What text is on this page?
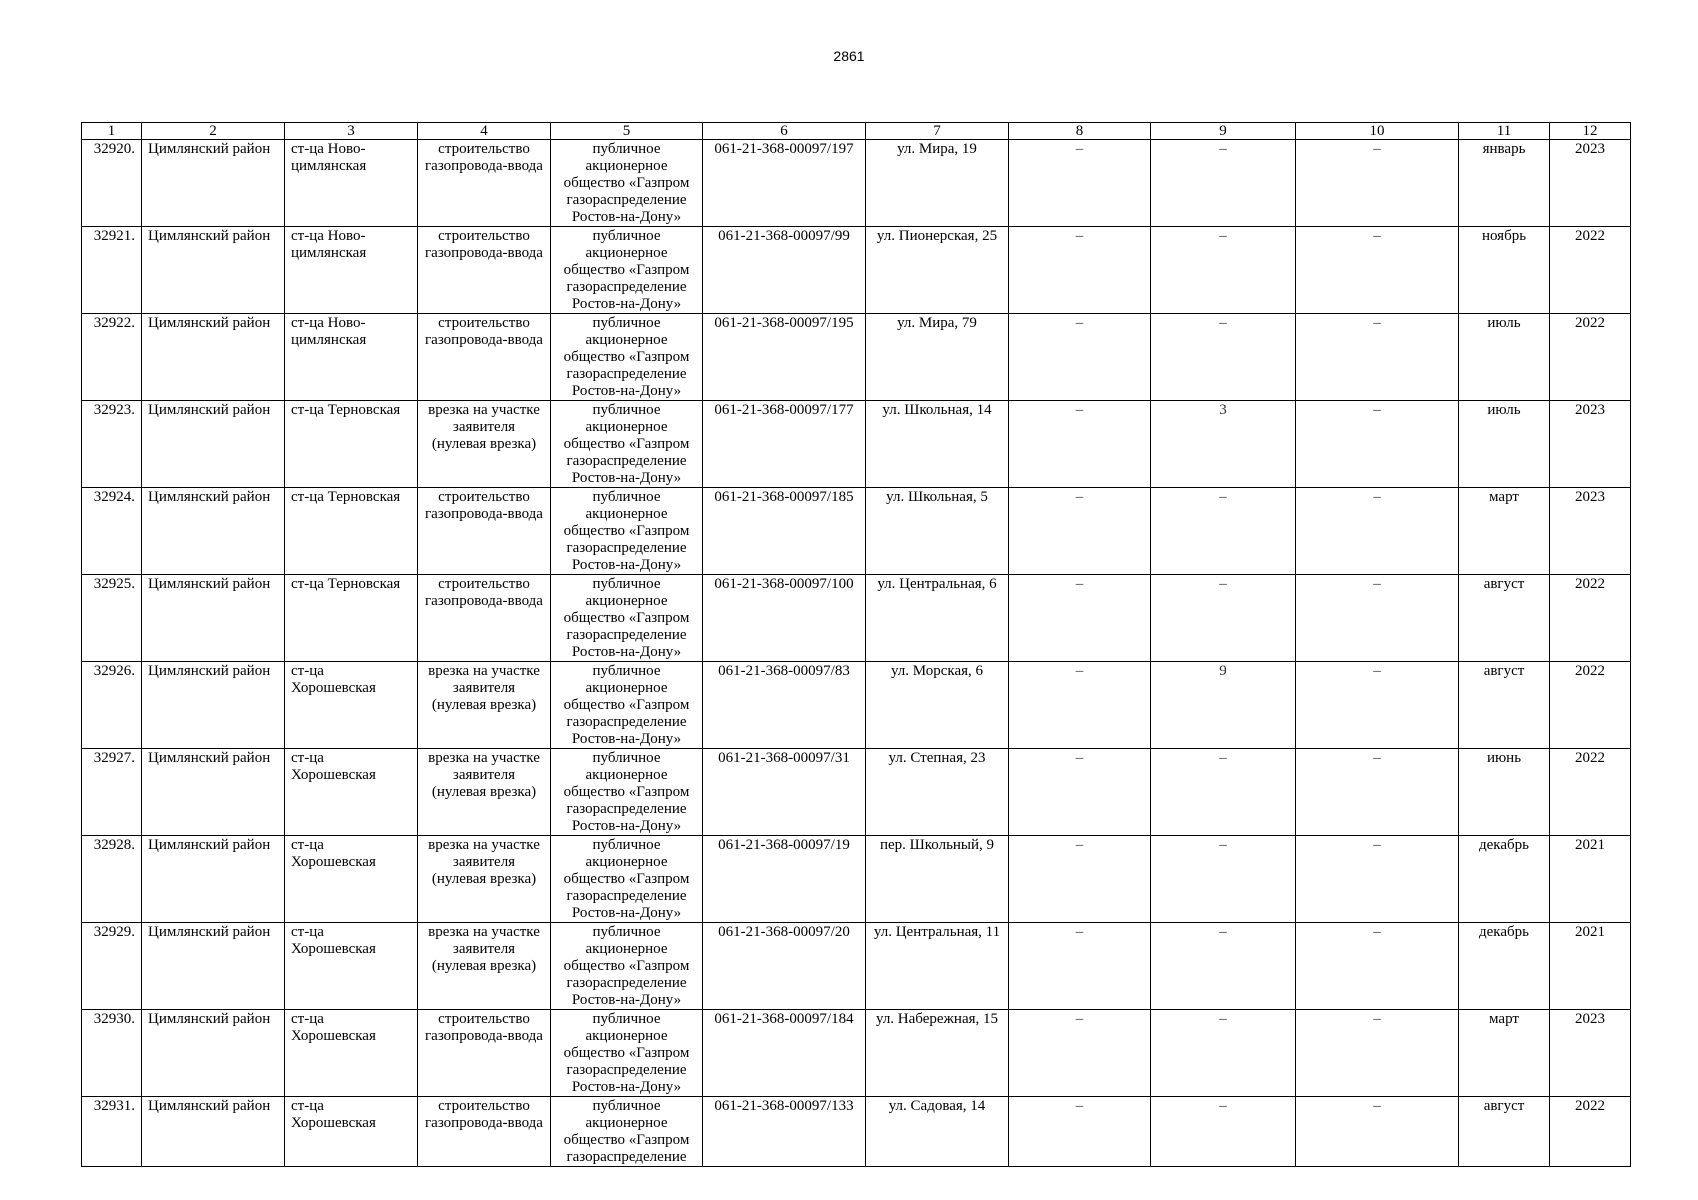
2861
1	2	3	4	5	6	7	8	9	10	11	12
32920.	Цимлянский район	ст-ца Ново-цимлянская	строительство газопровода-ввода	публичное акционерное общество «Газпром газораспределение Ростов-на-Дону»	061-21-368-00097/197	ул. Мира, 19	–	–	–	январь	2023
32921.	Цимлянский район	ст-ца Ново-цимлянская	строительство газопровода-ввода	публичное акционерное общество «Газпром газораспределение Ростов-на-Дону»	061-21-368-00097/99	ул. Пионерская, 25	–	–	–	ноябрь	2022
32922.	Цимлянский район	ст-ца Ново-цимлянская	строительство газопровода-ввода	публичное акционерное общество «Газпром газораспределение Ростов-на-Дону»	061-21-368-00097/195	ул. Мира, 79	–	–	–	июль	2022
32923.	Цимлянский район	ст-ца Терновская	врезка на участке заявителя (нулевая врезка)	публичное акционерное общество «Газпром газораспределение Ростов-на-Дону»	061-21-368-00097/177	ул. Школьная, 14	–	3	–	июль	2023
32924.	Цимлянский район	ст-ца Терновская	строительство газопровода-ввода	публичное акционерное общество «Газпром газораспределение Ростов-на-Дону»	061-21-368-00097/185	ул. Школьная, 5	–	–	–	март	2023
32925.	Цимлянский район	ст-ца Терновская	строительство газопровода-ввода	публичное акционерное общество «Газпром газораспределение Ростов-на-Дону»	061-21-368-00097/100	ул. Центральная, 6	–	–	–	август	2022
32926.	Цимлянский район	ст-ца Хорошевская	врезка на участке заявителя (нулевая врезка)	публичное акционерное общество «Газпром газораспределение Ростов-на-Дону»	061-21-368-00097/83	ул. Морская, 6	–	9	–	август	2022
32927.	Цимлянский район	ст-ца Хорошевская	врезка на участке заявителя (нулевая врезка)	публичное акционерное общество «Газпром газораспределение Ростов-на-Дону»	061-21-368-00097/31	ул. Степная, 23	–	–	–	июнь	2022
32928.	Цимлянский район	ст-ца Хорошевская	врезка на участке заявителя (нулевая врезка)	публичное акционерное общество «Газпром газораспределение Ростов-на-Дону»	061-21-368-00097/19	пер. Школьный, 9	–	–	–	декабрь	2021
32929.	Цимлянский район	ст-ца Хорошевская	врезка на участке заявителя (нулевая врезка)	публичное акционерное общество «Газпром газораспределение Ростов-на-Дону»	061-21-368-00097/20	ул. Центральная, 11	–	–	–	декабрь	2021
32930.	Цимлянский район	ст-ца Хорошевская	строительство газопровода-ввода	публичное акционерное общество «Газпром газораспределение Ростов-на-Дону»	061-21-368-00097/184	ул. Набережная, 15	–	–	–	март	2023
32931.	Цимлянский район	ст-ца Хорошевская	строительство газопровода-ввода	публичное акционерное общество «Газпром газораспределение	061-21-368-00097/133	ул. Садовая, 14	–	–	–	август	2022
